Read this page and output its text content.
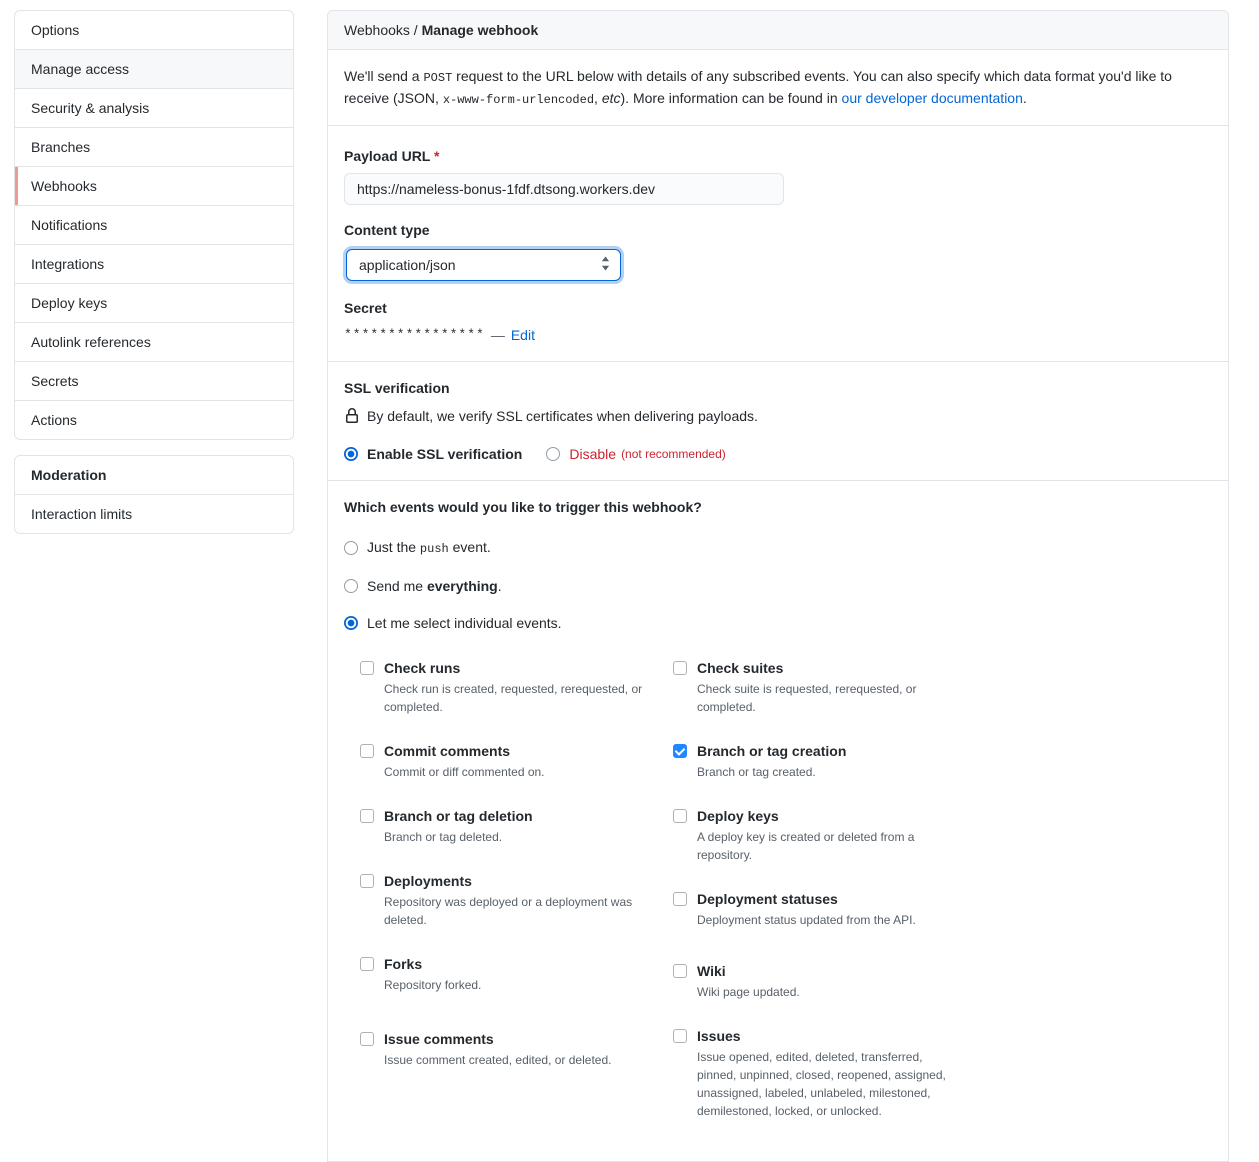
Options
Manage access
Security & analysis
Branches
Webhooks
Notifications
Integrations
Deploy keys
Autolink references
Secrets
Actions
Moderation
Interaction limits
Webhooks / Manage webhook

We'll send a POST request to the URL below with details of any subscribed events. You can also specify which data format you'd like to receive (JSON, x-www-form-urlencoded, etc). More information can be found in our developer documentation.

Payload URL *
https://nameless-bonus-1fdf.dtsong.workers.dev
Content type
application/json
Secret
**************** — Edit
SSL verification
By default, we verify SSL certificates when delivering payloads.
Enable SSL verification	Disable (not recommended)
Which events would you like to trigger this webhook?
Just the push event.
Send me everything.
Let me select individual events.
Check runs
Check run is created, requested, rerequested, or completed.
Commit comments
Commit or diff commented on.
Branch or tag deletion
Branch or tag deleted.
Deployments
Repository was deployed or a deployment was deleted.
Forks
Repository forked.
Issue comments
Issue comment created, edited, or deleted.
Check suites
Check suite is requested, rerequested, or completed.
Branch or tag creation
Branch or tag created.
Deploy keys
A deploy key is created or deleted from a repository.
Deployment statuses
Deployment status updated from the API.
Wiki
Wiki page updated.
Issues
Issue opened, edited, deleted, transferred, pinned, unpinned, closed, reopened, assigned, unassigned, labeled, unlabeled, milestoned, demilestoned, locked, or unlocked.
